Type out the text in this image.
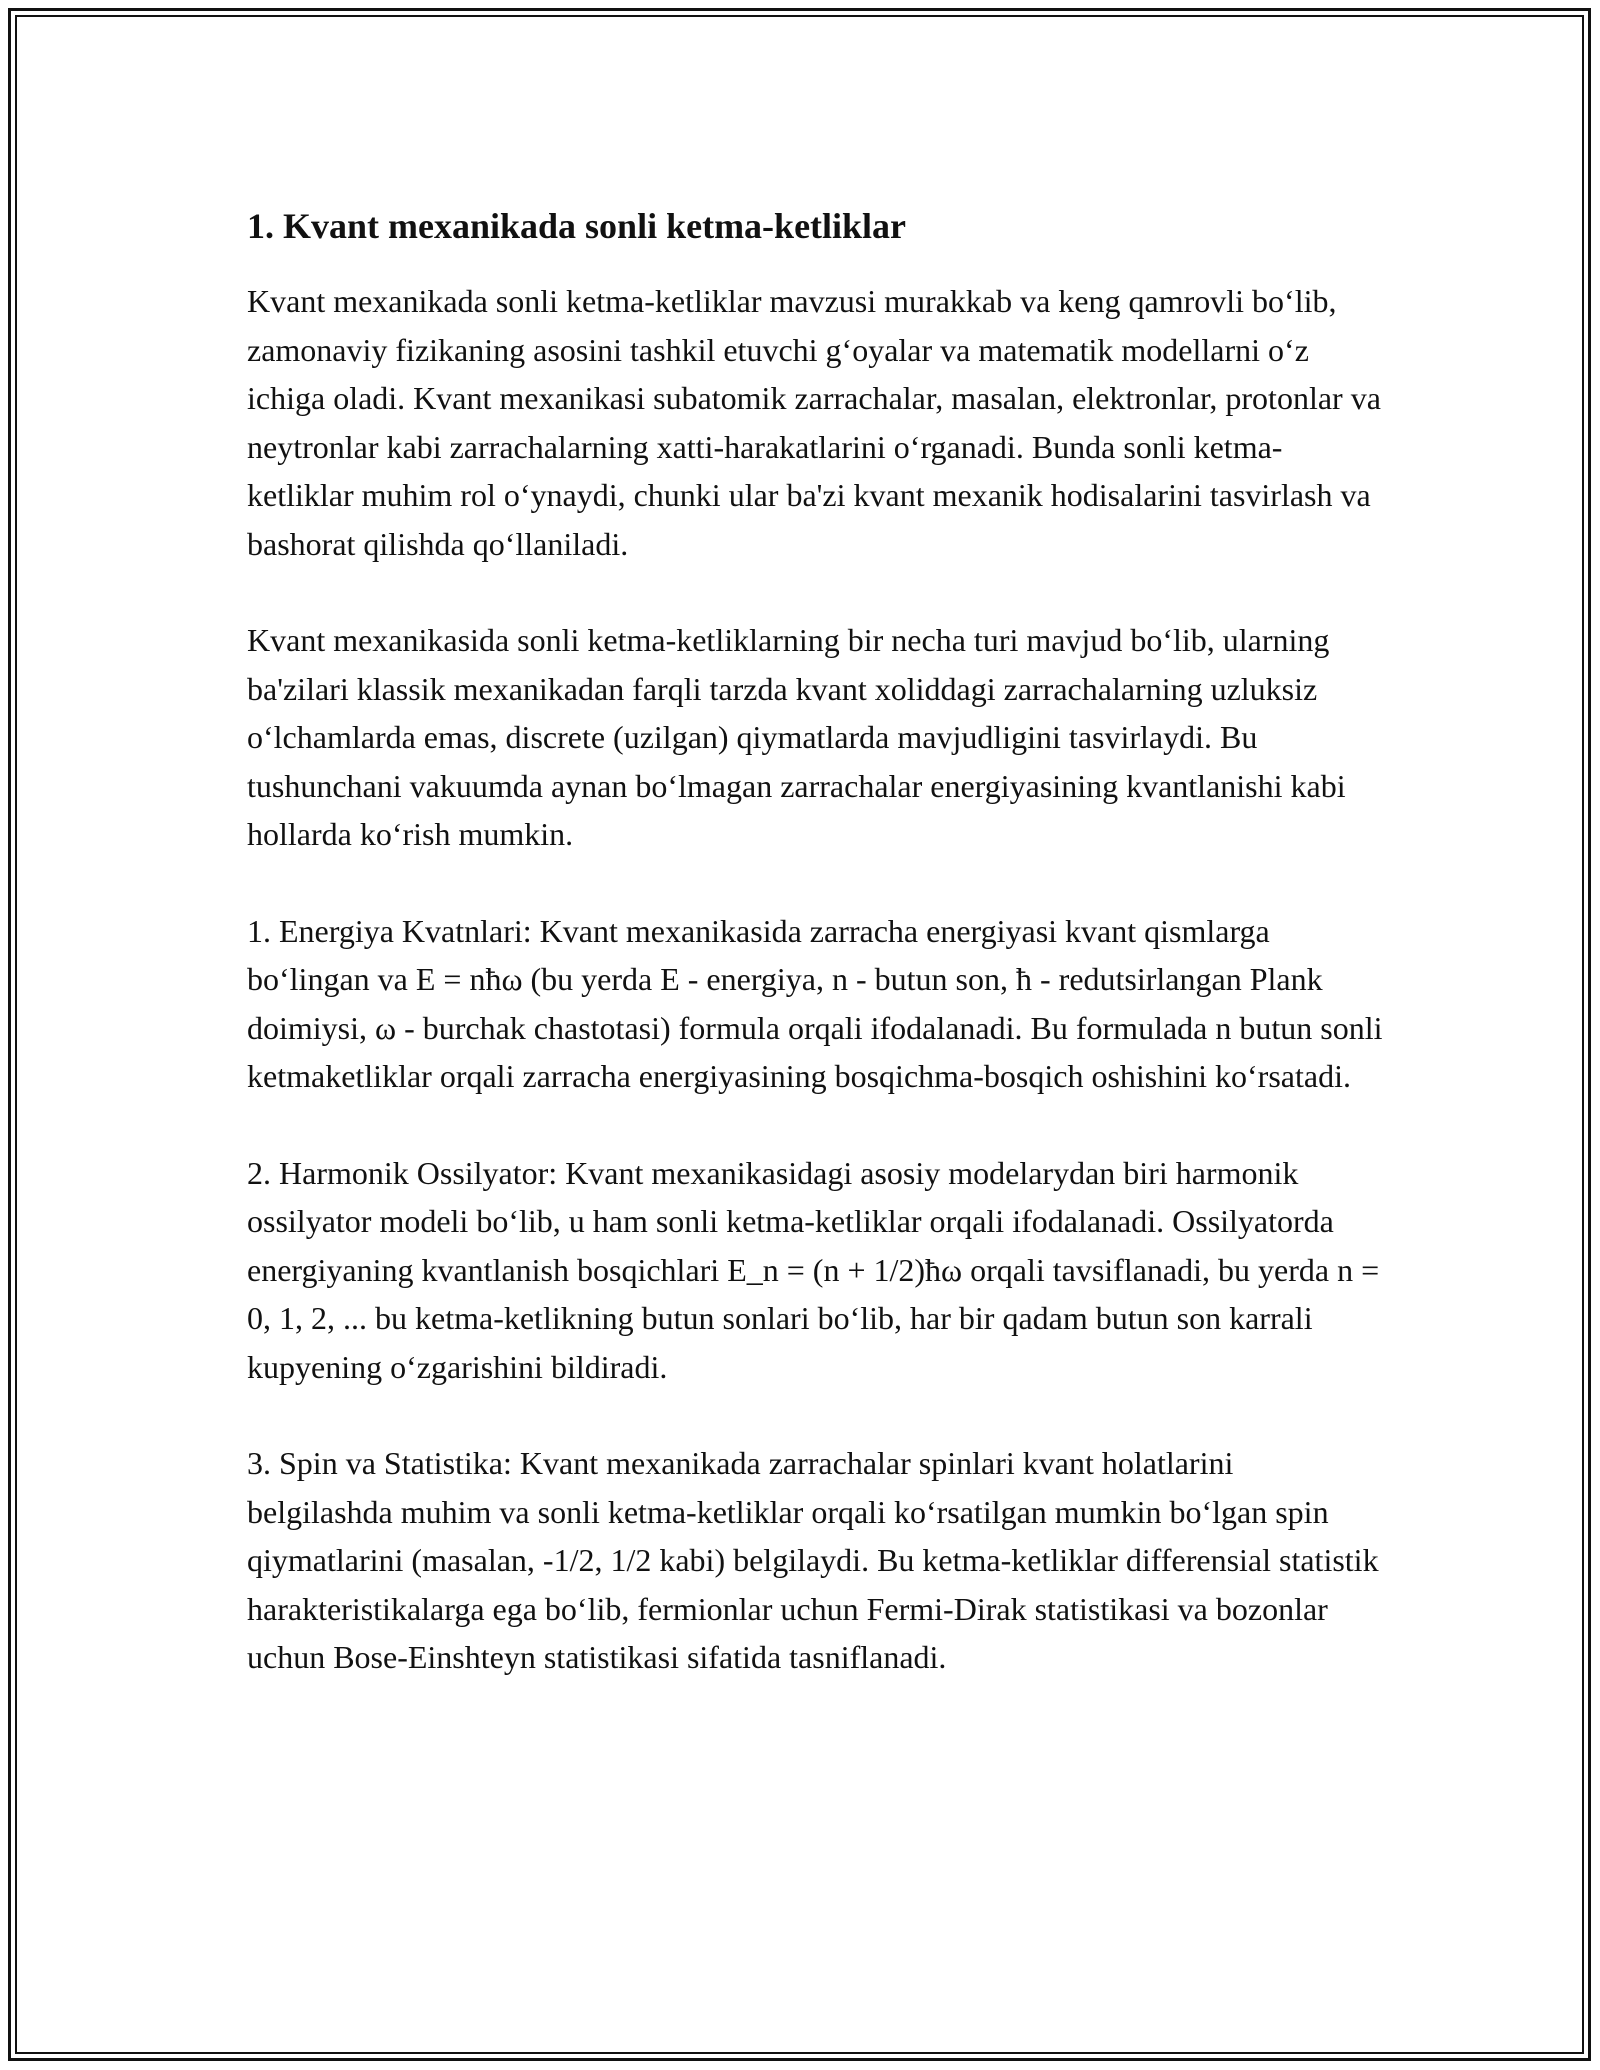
1. Kvant mexanikada sonli ketma-ketliklar

Kvant mexanikada sonli ketma-ketliklar mavzusi murakkab va keng qamrovli bo‘lib, zamonaviy fizikaning asosini tashkil etuvchi g‘oyalar va matematik modellarni o‘z ichiga oladi. Kvant mexanikasi subatomik zarrachalar, masalan, elektronlar, protonlar va neytronlar kabi zarrachalarning xatti-harakatlarini o‘rganadi. Bunda sonli ketma-ketliklar muhim rol o‘ynaydi, chunki ular ba'zi kvant mexanik hodisalarini tasvirlash va bashorat qilishda qo‘llaniladi.

Kvant mexanikasida sonli ketma-ketliklarning bir necha turi mavjud bo‘lib, ularning ba'zilari klassik mexanikadan farqli tarzda kvant xoliddagi zarrachalarning uzluksiz o‘lchamlarda emas, discrete (uzilgan) qiymatlarda mavjudligini tasvirlaydi. Bu tushunchani vakuumda aynan bo‘lmagan zarrachalar energiyasining kvantlanishi kabi hollarda ko‘rish mumkin.

1. Energiya Kvatnlari: Kvant mexanikasida zarracha energiyasi kvant qismlarga bo‘lingan va E = nħω (bu yerda E - energiya, n - butun son, ħ - redutsirlangan Plank doimiysi, ω - burchak chastotasi) formula orqali ifodalanadi. Bu formulada n butun sonli ketmaketliklar orqali zarracha energiyasining bosqichma-bosqich oshishini ko‘rsatadi.

2. Harmonik Ossilyator: Kvant mexanikasidagi asosiy modelarydan biri harmonik ossilyator modeli bo‘lib, u ham sonli ketma-ketliklar orqali ifodalanadi. Ossilyatorda energiyaning kvantlanish bosqichlari E_n = (n + 1/2)ħω orqali tavsiflanadi, bu yerda n = 0, 1, 2, ... bu ketma-ketlikning butun sonlari bo‘lib, har bir qadam butun son karrali kupyening o‘zgarishini bildiradi.

3. Spin va Statistika: Kvant mexanikada zarrachalar spinlari kvant holatlarini belgilashda muhim va sonli ketma-ketliklar orqali ko‘rsatilgan mumkin bo‘lgan spin qiymatlarini (masalan, -1/2, 1/2 kabi) belgilaydi. Bu ketma-ketliklar differensial statistik harakteristikalarga ega bo‘lib, fermionlar uchun Fermi-Dirak statistikasi va bozonlar uchun Bose-Einshteyn statistikasi sifatida tasniflanadi.
